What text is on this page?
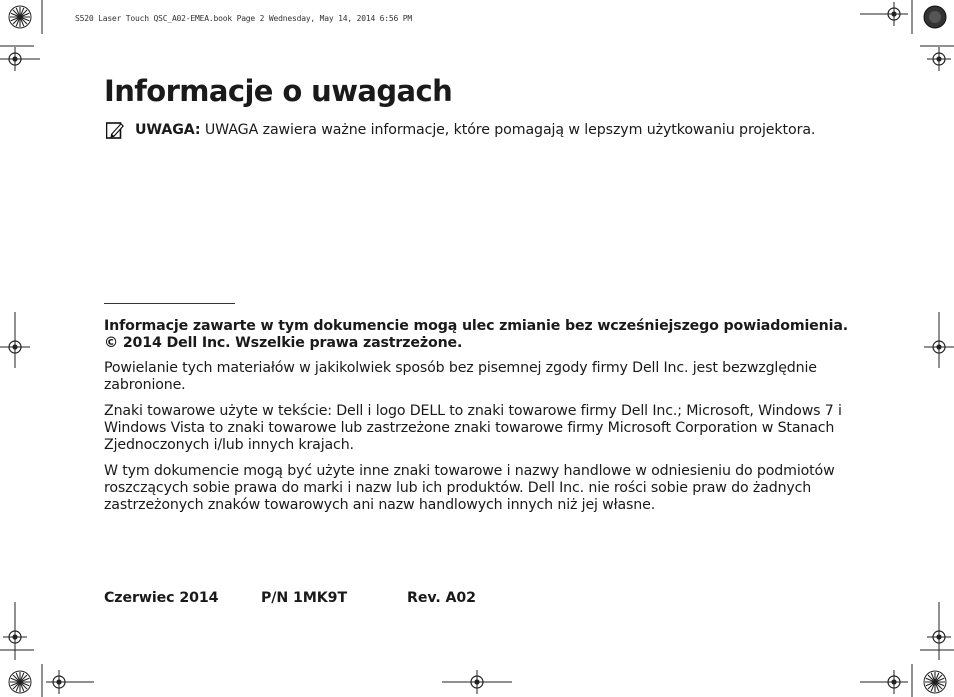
S520 Laser Touch QSC_A02-EMEA.book Page 2 Wednesday, May 14, 2014 6:56 PM
Informacje o uwagach
UWAGA: UWAGA zawiera ważne informacje, które pomagają w lepszym użytkowaniu projektora.

Informacje zawarte w tym dokumencie mogą ulec zmianie bez wcześniejszego powiadomienia.

© 2014 Dell Inc. Wszelkie prawa zastrzeżone.

Powielanie tych materiałów w jakikolwiek sposób bez pisemnej zgody firmy Dell Inc. jest bezwzględnie zabronione.

Znaki towarowe użyte w tekście: Dell i logo DELL to znaki towarowe firmy Dell Inc.; Microsoft, Windows 7 i Windows Vista to znaki towarowe lub zastrzeżone znaki towarowe firmy Microsoft Corporation w Stanach Zjednoczonych i/lub innych krajach.

W tym dokumencie mogą być użyte inne znaki towarowe i nazwy handlowe w odniesieniu do podmiotów roszczących sobie prawa do marki i nazw lub ich produktów. Dell Inc. nie rości sobie praw do żadnych zastrzeżonych znaków towarowych ani nazw handlowych innych niż jej własne.

Czerwiec 2014	P/N 1MK9T	Rev. A02
